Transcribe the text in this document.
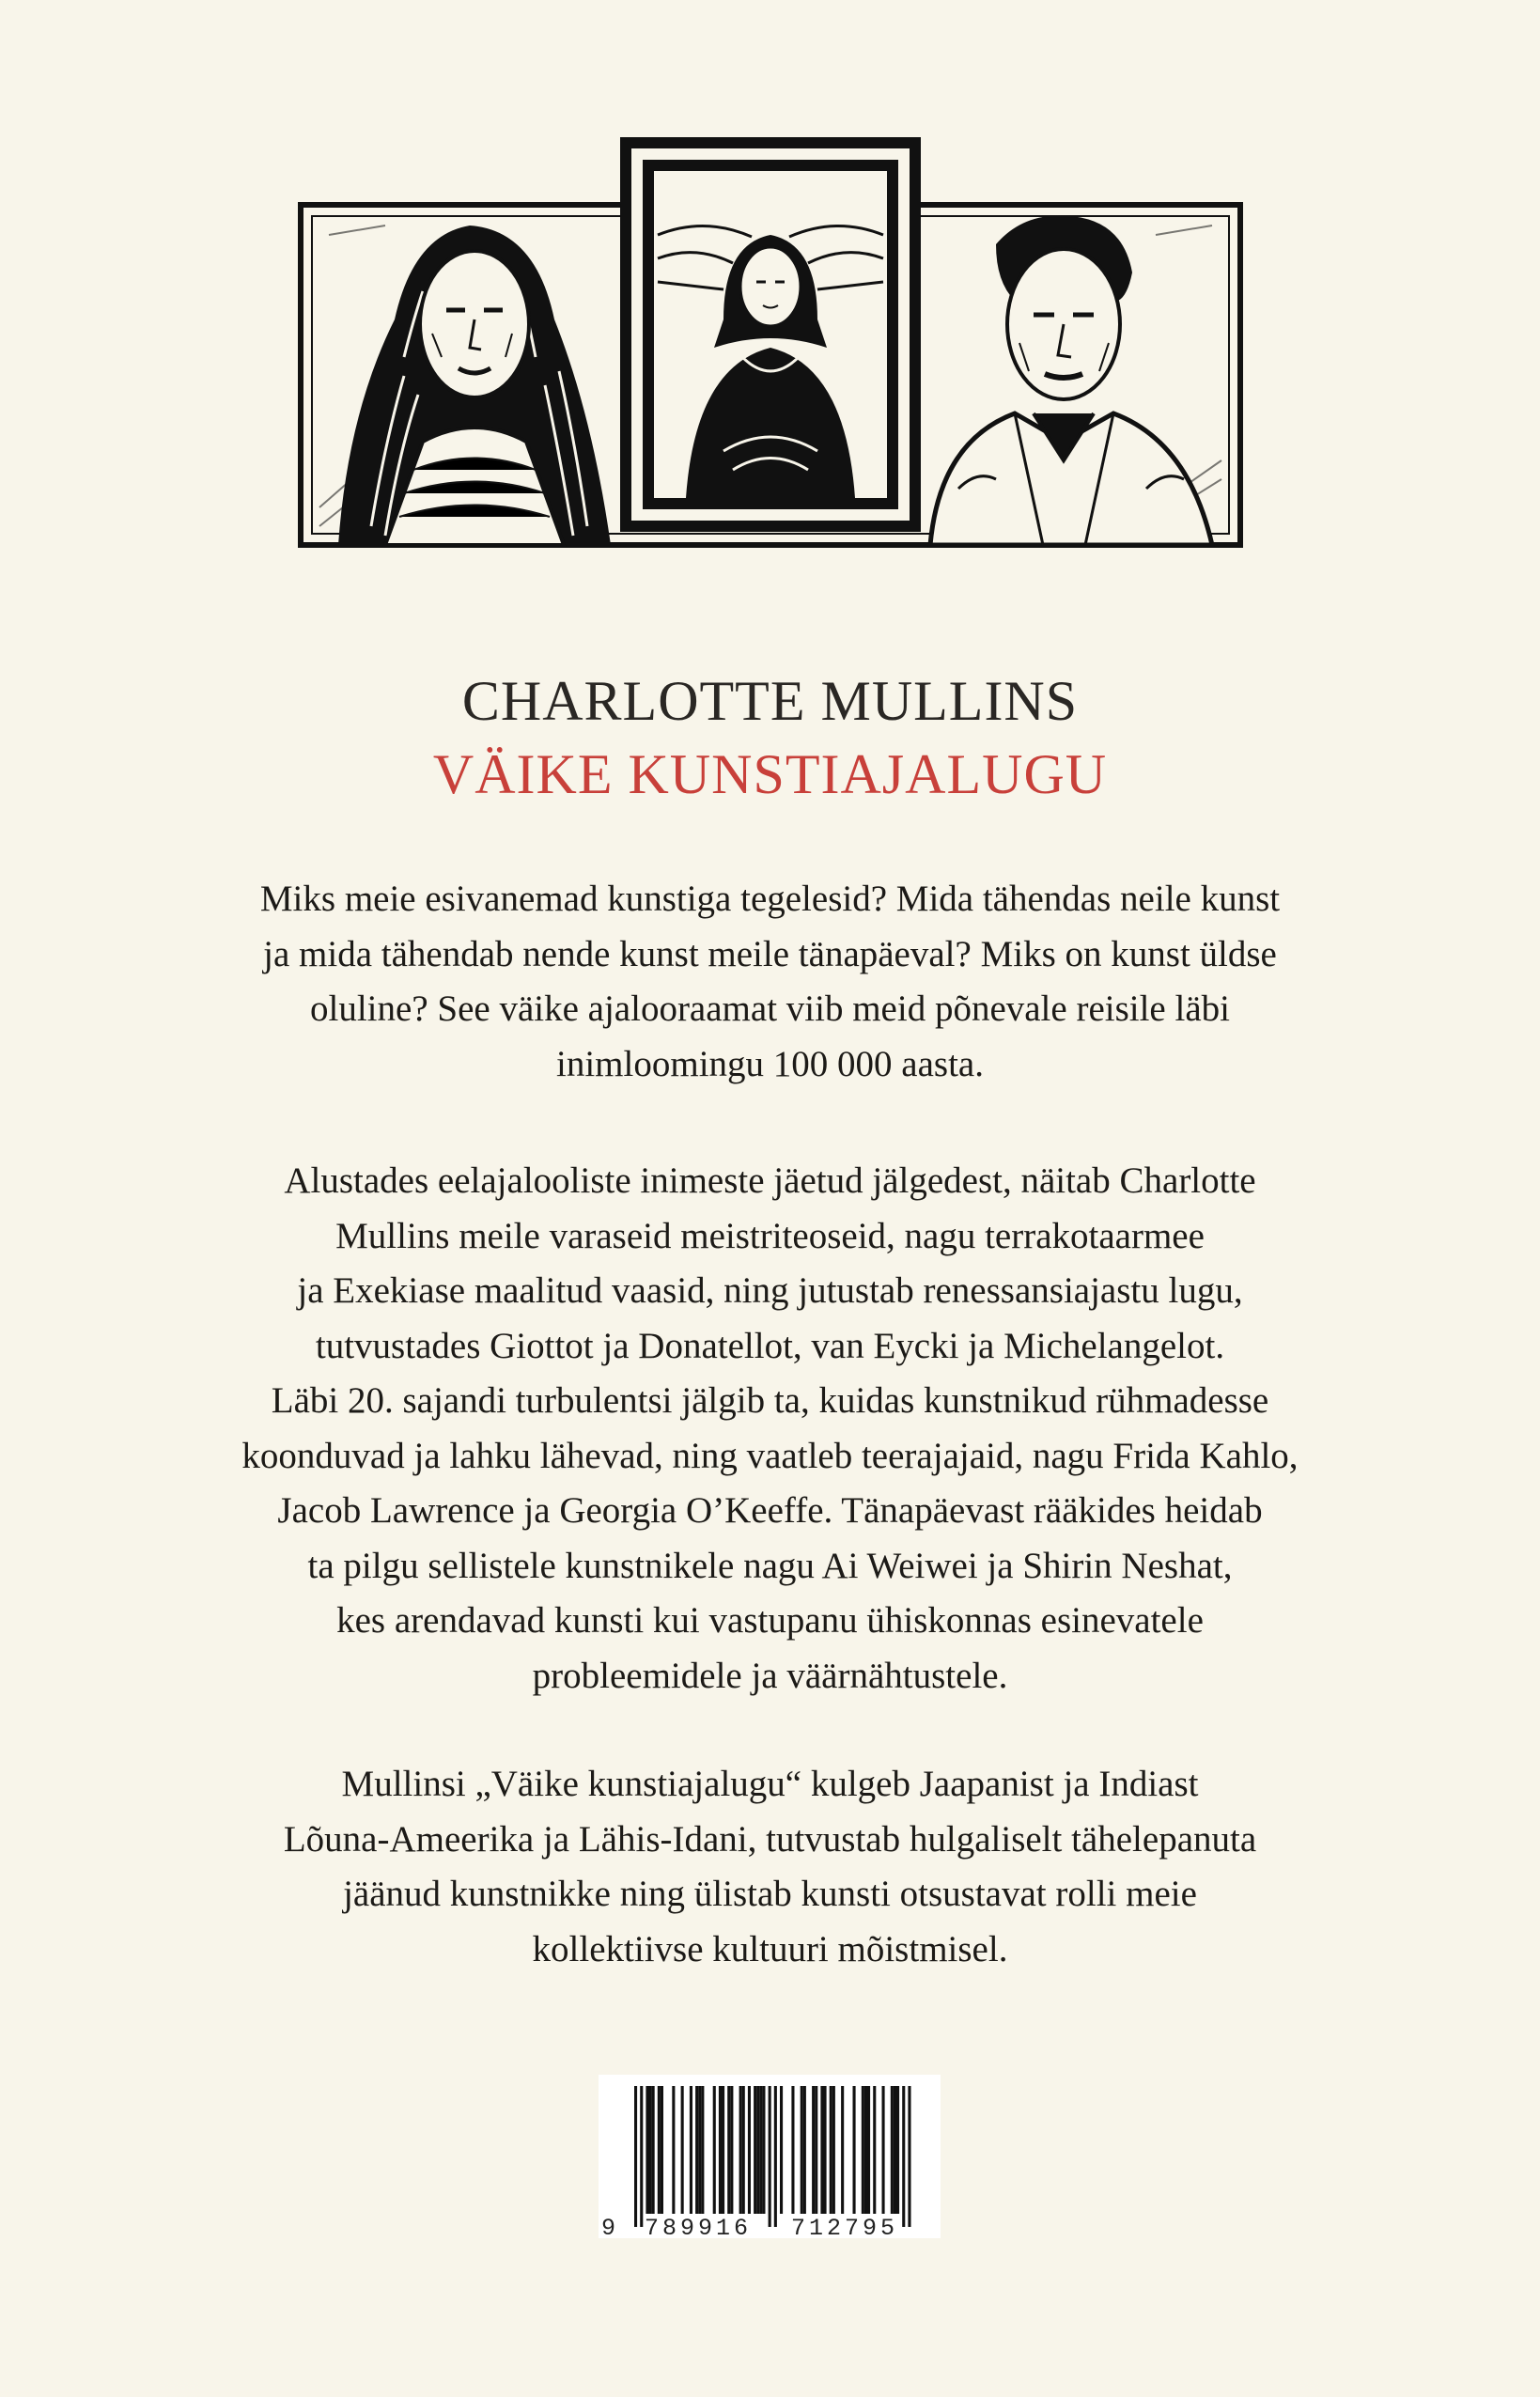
CHARLOTTE MULLINS
VÄIKE KUNSTIAJALUGU
Miks meie esivanemad kunstiga tegelesid? Mida tähendas neile kunst
ja mida tähendab nende kunst meile tänapäeval? Miks on kunst üldse
oluline? See väike ajalooraamat viib meid põnevale reisile läbi
inimloomingu 100 000 aasta.
Alustades eelajalooliste inimeste jäetud jälgedest, näitab Charlotte
Mullins meile varaseid meistriteoseid, nagu terrakotaarmee
ja Exekiase maalitud vaasid, ning jutustab renessansiajastu lugu,
tutvustades Giottot ja Donatellot, van Eycki ja Michelangelot.
Läbi 20. sajandi turbulentsi jälgib ta, kuidas kunstnikud rühmadesse
koonduvad ja lahku lähevad, ning vaatleb teerajajaid, nagu Frida Kahlo,
Jacob Lawrence ja Georgia O’Keeffe. Tänapäevast rääkides heidab
ta pilgu sellistele kunstnikele nagu Ai Weiwei ja Shirin Neshat,
kes arendavad kunsti kui vastupanu ühiskonnas esinevatele
probleemidele ja väärnähtustele.
Mullinsi „Väike kunstiajalugu“ kulgeb Jaapanist ja Indiast
Lõuna-Ameerika ja Lähis-Idani, tutvustab hulgaliselt tähelepanuta
jäänud kunstnikke ning ülistab kunsti otsustavat rolli meie
kollektiivse kultuuri mõistmisel.
9 789916 712795
